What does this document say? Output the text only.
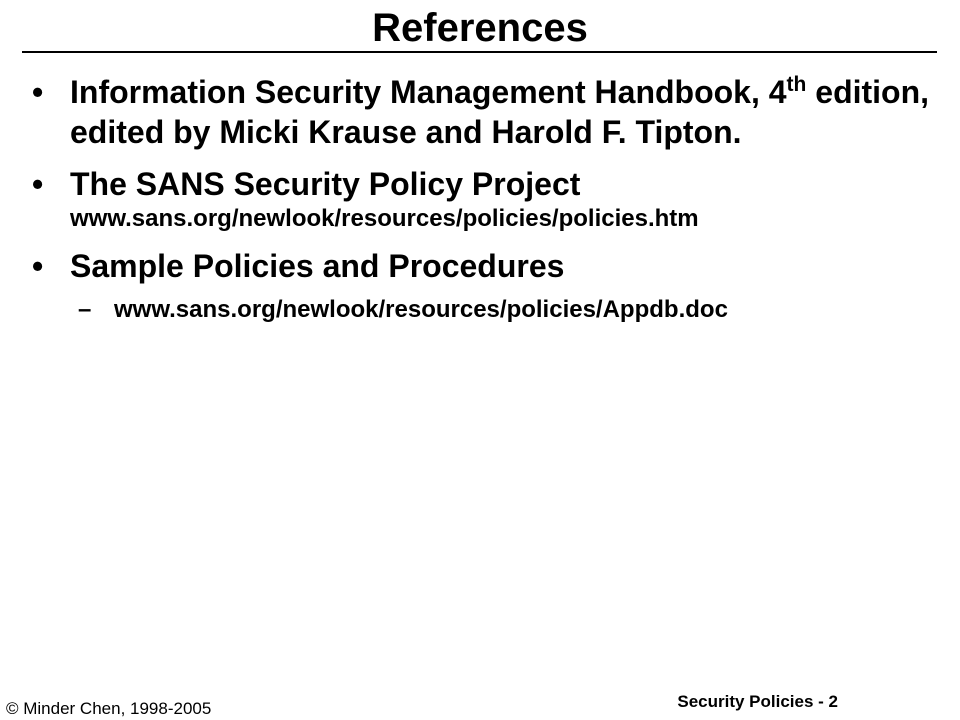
References
• Information Security Management Handbook, 4th edition, edited by Micki Krause and Harold F. Tipton.
• The SANS Security Policy Project
www.sans.org/newlook/resources/policies/policies.htm
• Sample Policies and Procedures
– www.sans.org/newlook/resources/policies/Appdb.doc
© Minder Chen, 1998-2005	Security Policies - 2
